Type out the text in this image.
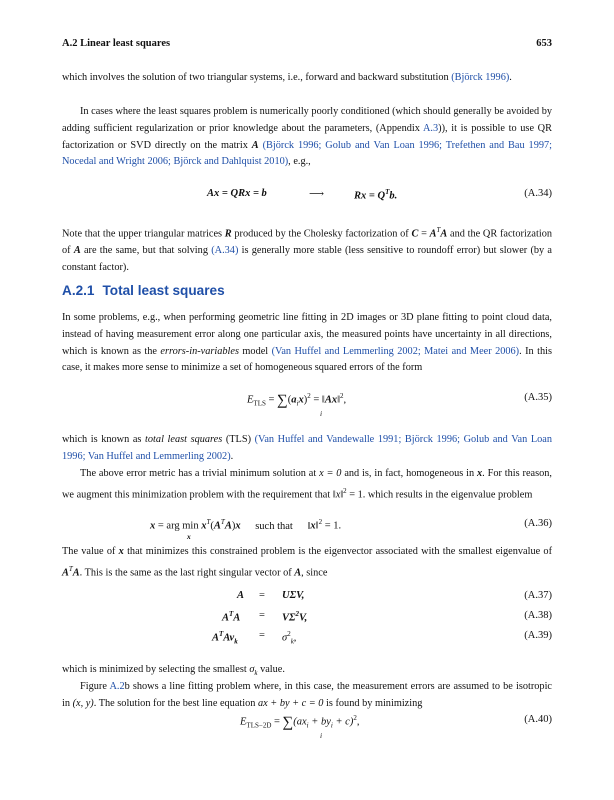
A.2 Linear least squares	653
which involves the solution of two triangular systems, i.e., forward and backward substitution (Björck 1996).
In cases where the least squares problem is numerically poorly conditioned (which should generally be avoided by adding sufficient regularization or prior knowledge about the parameters, (Appendix A.3)), it is possible to use QR factorization or SVD directly on the matrix A (Björck 1996; Golub and Van Loan 1996; Trefethen and Bau 1997; Nocedal and Wright 2006; Björck and Dahlquist 2010), e.g.,
Ax = QRx = b	⟶	$Rx = Q^Tb$.	(A.34)
Note that the upper triangular matrices R produced by the Cholesky factorization of $C = A^TA$ and the QR factorization of A are the same, but that solving (A.34) is generally more stable (less sensitive to roundoff error) but slower (by a constant factor).
A.2.1 Total least squares
In some problems, e.g., when performing geometric line fitting in 2D images or 3D plane fitting to point cloud data, instead of having measurement error along one particular axis, the measured points have uncertainty in all directions, which is known as the errors-in-variables model (Van Huffel and Lemmerling 2002; Matei and Meer 2006). In this case, it makes more sense to minimize a set of homogeneous squared errors of the form
$E_{TLS} = \sum(a_ix)^2$ = ‖Ax‖$^2$,
i
(A.35)
which is known as total least squares (TLS) (Van Huffel and Vandewalle 1991; Björck 1996; Golub and Van Loan 1996; Van Huffel and Lemmerling 2002).
The above error metric has a trivial minimum solution at x = 0 and is, in fact, homogeneous in x. For this reason, we augment this minimization problem with the requirement that ‖x‖$^2$ = 1. which results in the eigenvalue problem
x = arg $\min x^T(A^TA)x$ such that ‖x‖$^2$ = 1.
x
(A.36)
The value of x that minimizes this constrained problem is the eigenvector associated with the smallest eigenvalue of $A^TA$. This is the same as the last right singular vector of A, since
A = UΣV,	(A.37)
$A^TA = V\Sigma^2V$,	(A.38)
$A^TAv_k$
= $\sigma^2_k$,	(A.39)
which is minimized by selecting the smallest $\sigma_k$ value.
Figure A.2b shows a line fitting problem where, in this case, the measurement errors are assumed to be isotropic in (x, y). The solution for the best line equation ax + by + c = 0 is found by minimizing
$E_{TLS-2D} = \sum(ax_i + by_i + c)^2$,
i
(A.40)
